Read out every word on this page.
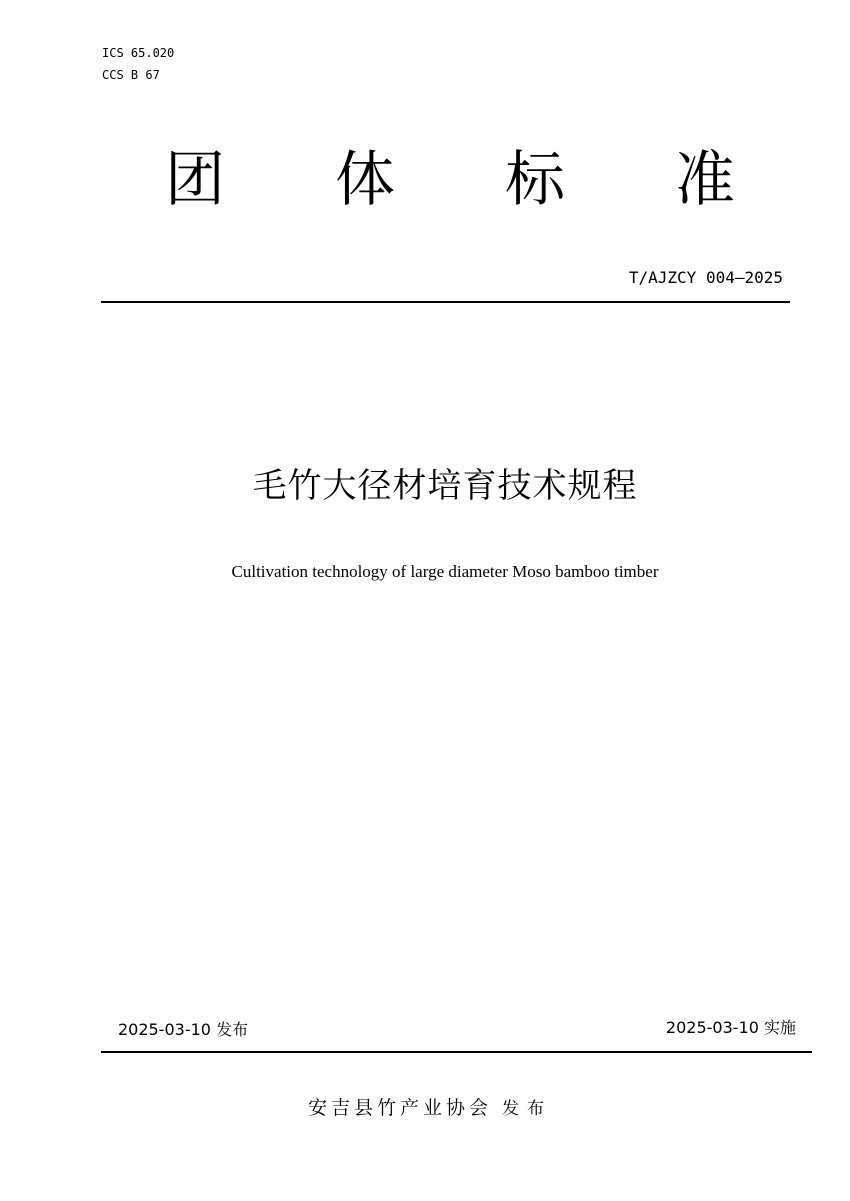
ICS 65.020
CCS B 67
团	体	标	准
T/AJZCY 004—2025
毛竹大径材培育技术规程
Cultivation technology of large diameter Moso bamboo timber
2025-03-10 发布	2025-03-10 实施
安吉县竹产业协会 发布
